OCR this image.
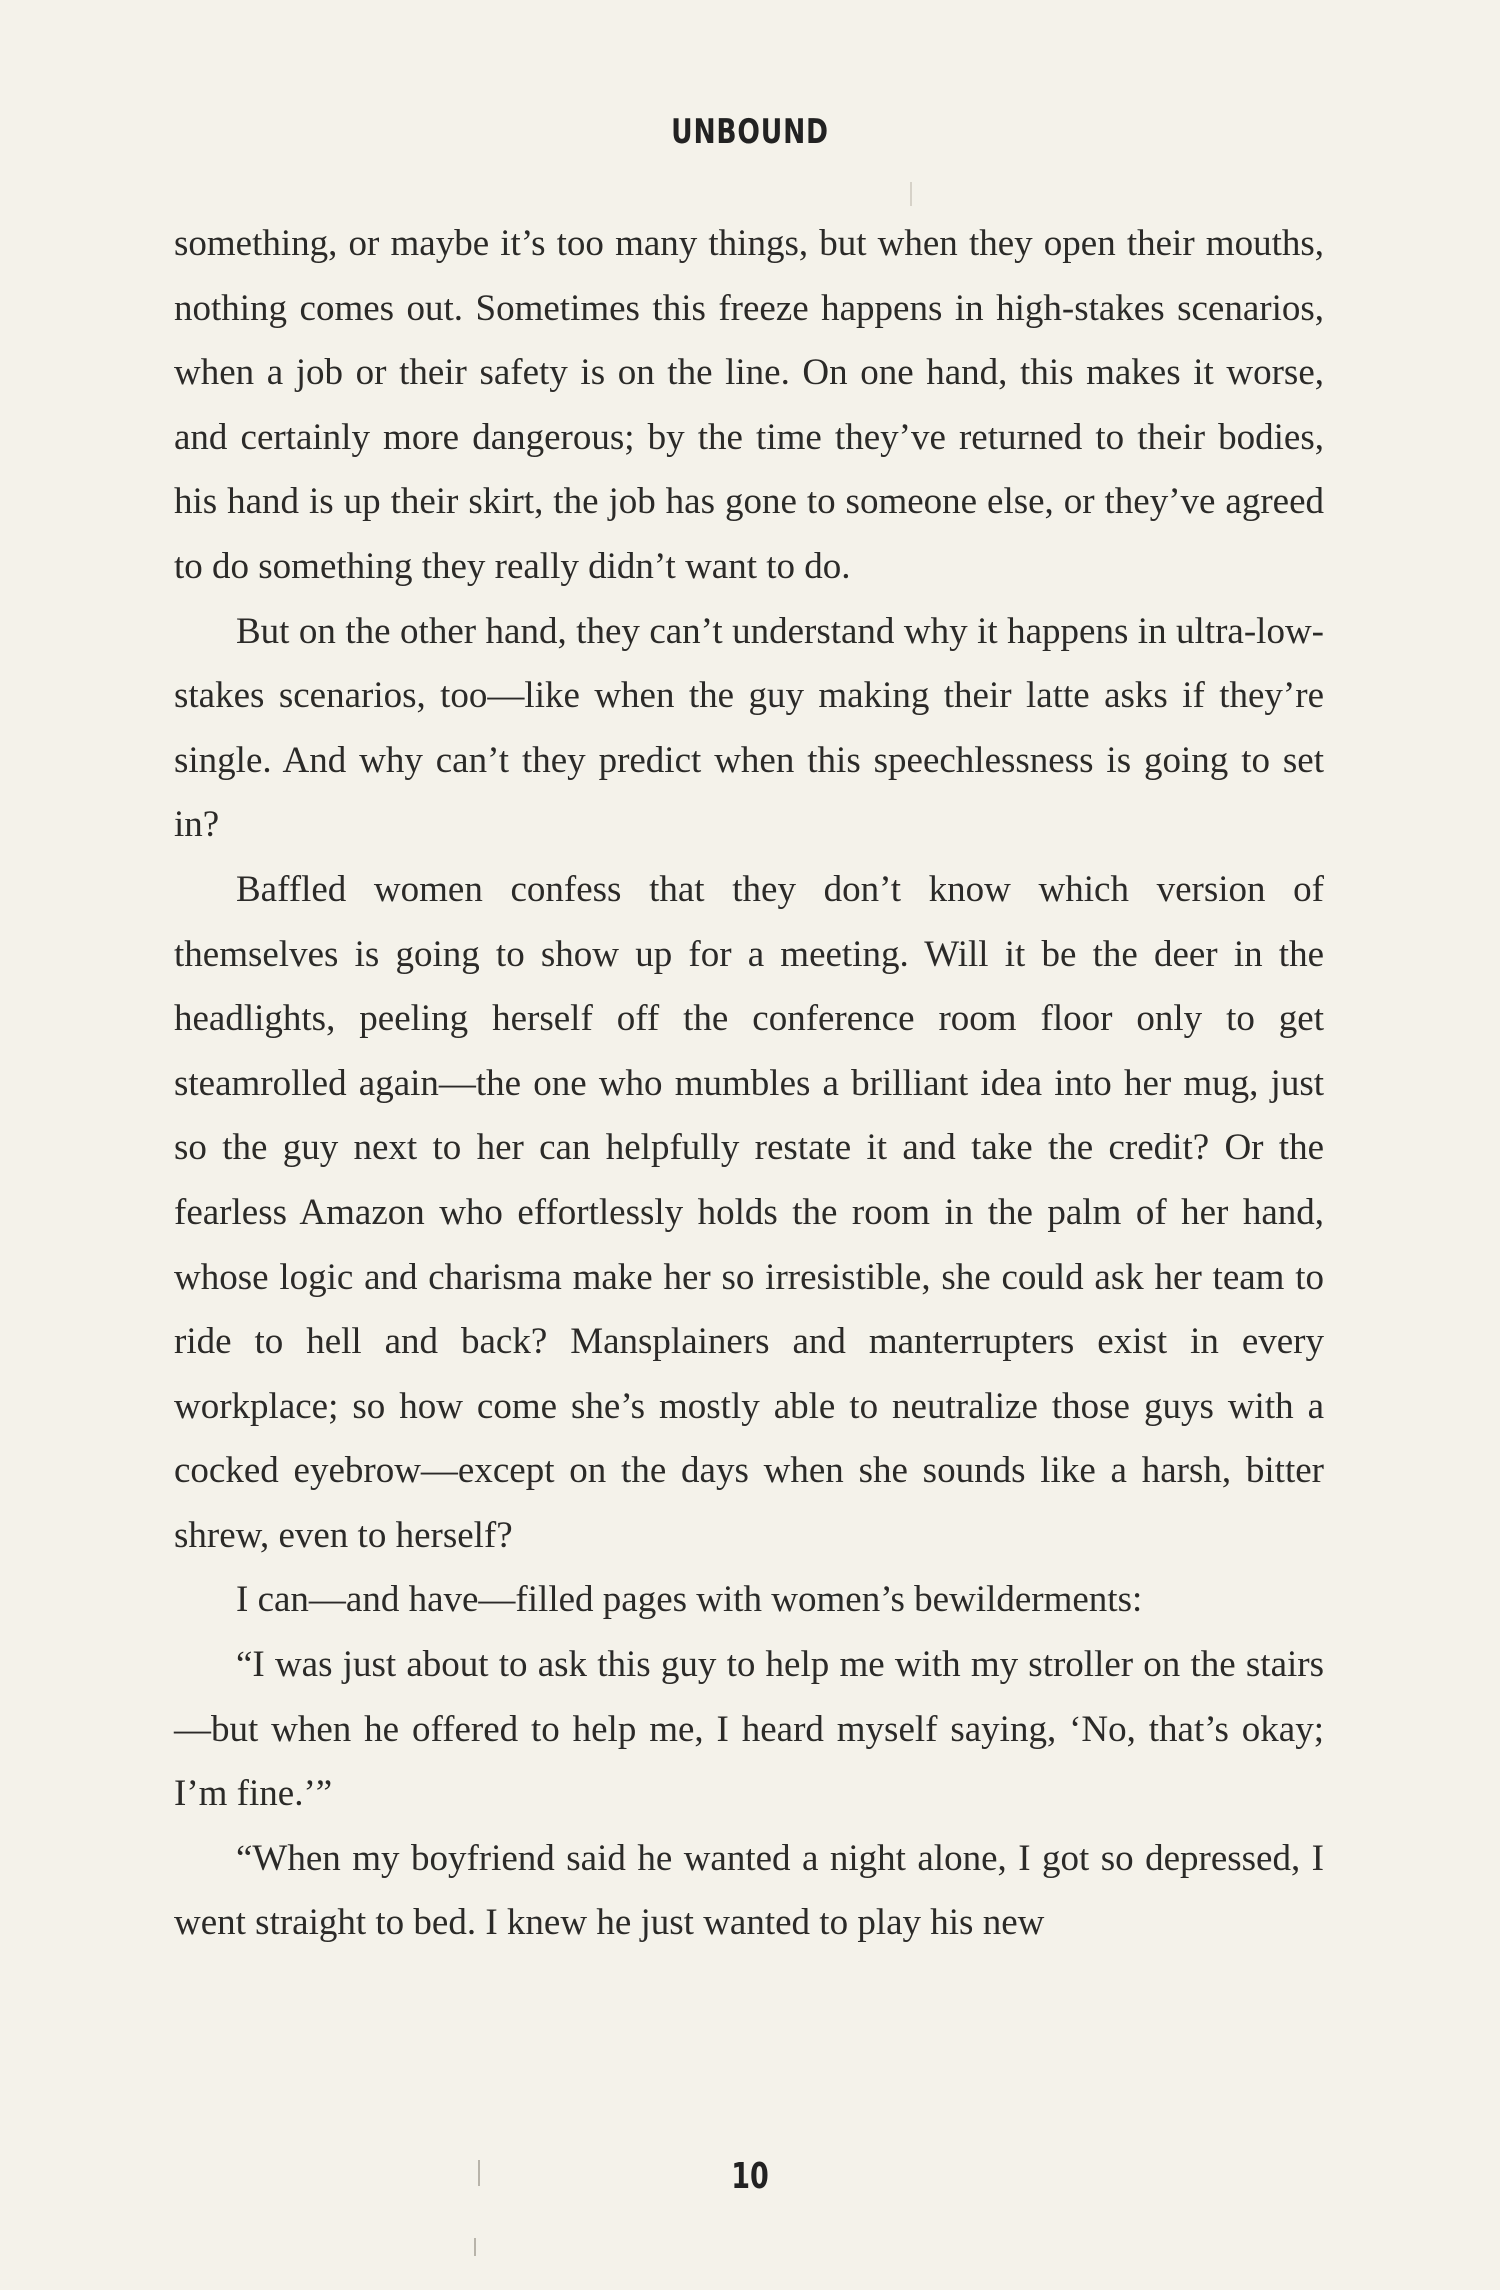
UNBOUND

something, or maybe it’s too many things, but when they open their mouths, nothing comes out. Sometimes this freeze happens in high-stakes scenarios, when a job or their safety is on the line. On one hand, this makes it worse, and certainly more dangerous; by the time they’ve returned to their bodies, his hand is up their skirt, the job has gone to someone else, or they’ve agreed to do something they really didn’t want to do.

But on the other hand, they can’t understand why it happens in ultra-low-stakes scenarios, too—like when the guy making their latte asks if they’re single. And why can’t they predict when this speechlessness is going to set in?

Baffled women confess that they don’t know which version of themselves is going to show up for a meeting. Will it be the deer in the headlights, peeling herself off the conference room floor only to get steamrolled again—the one who mumbles a brilliant idea into her mug, just so the guy next to her can helpfully restate it and take the credit? Or the fearless Amazon who effortlessly holds the room in the palm of her hand, whose logic and charisma make her so irresistible, she could ask her team to ride to hell and back? Mansplainers and manterrupters exist in every workplace; so how come she’s mostly able to neutralize those guys with a cocked eyebrow—except on the days when she sounds like a harsh, bitter shrew, even to herself?

I can—and have—filled pages with women’s bewilderments:

“I was just about to ask this guy to help me with my stroller on the stairs—but when he offered to help me, I heard myself saying, ‘No, that’s okay; I’m fine.’”

“When my boyfriend said he wanted a night alone, I got so depressed, I went straight to bed. I knew he just wanted to play his new

10
